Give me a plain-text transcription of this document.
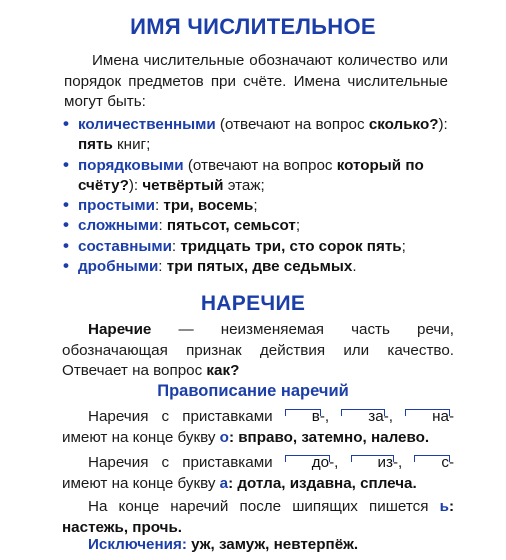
ИМЯ ЧИСЛИТЕЛЬНОЕ
Имена числительные обозначают количество или порядок предметов при счёте. Имена числительные могут быть:
• количественными (отвечают на вопрос сколько?): пять книг;
• порядковыми (отвечают на вопрос который по счёту?): четвёртый этаж;
• простыми: три, восемь;
• сложными: пятьсот, семьсот;
• составными: тридцать три, сто сорок пять;
• дробными: три пятых, две седьмых.
НАРЕЧИЕ
Наречие — неизменяемая часть речи, обозначающая признак действия или качество. Отвечает на вопрос как?
Правописание наречий
Наречия с приставками в-, за-, на- имеют на конце букву о: вправо, затемно, налево.
Наречия с приставками до-, из-, с- имеют на конце букву а: дотла, издавна, сплеча.
На конце наречий после шипящих пишется ь: настежь, прочь.
Исключения: уж, замуж, невтерпёж.
